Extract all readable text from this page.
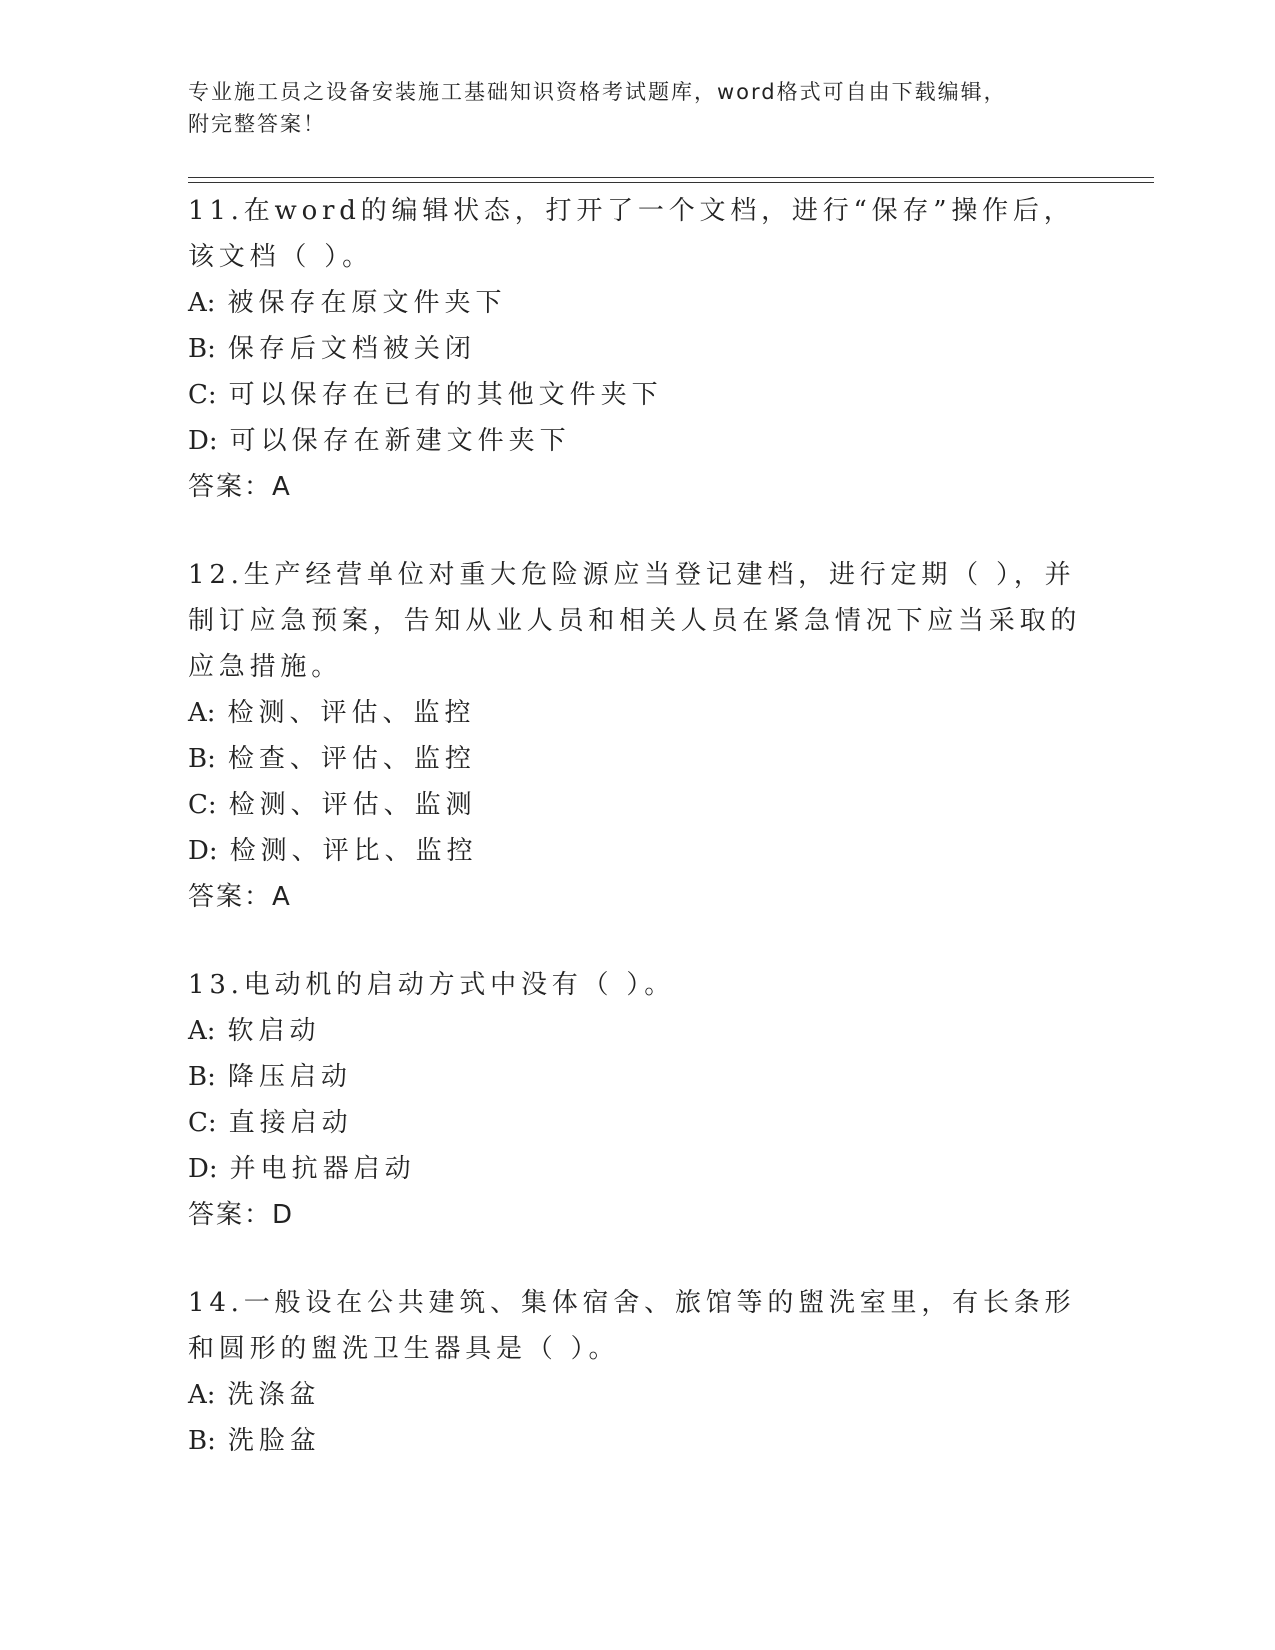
专业施工员之设备安装施工基础知识资格考试题库，word格式可自由下载编辑，
附完整答案！

11.在word的编辑状态，打开了一个文档，进行“保存”操作后，该文档（ ）。

A: 被保存在原文件夹下

B: 保存后文档被关闭

C: 可以保存在已有的其他文件夹下

D: 可以保存在新建文件夹下

答案：A

12.生产经营单位对重大危险源应当登记建档，进行定期（ ），并制订应急预案，告知从业人员和相关人员在紧急情况下应当采取的应急措施。

A: 检测、评估、监控

B: 检查、评估、监控

C: 检测、评估、监测

D: 检测、评比、监控

答案：A

13.电动机的启动方式中没有（ ）。

A: 软启动

B: 降压启动

C: 直接启动

D: 并电抗器启动

答案：D

14.一般设在公共建筑、集体宿舍、旅馆等的盥洗室里，有长条形和圆形的盥洗卫生器具是（ ）。

A: 洗涤盆

B: 洗脸盆
